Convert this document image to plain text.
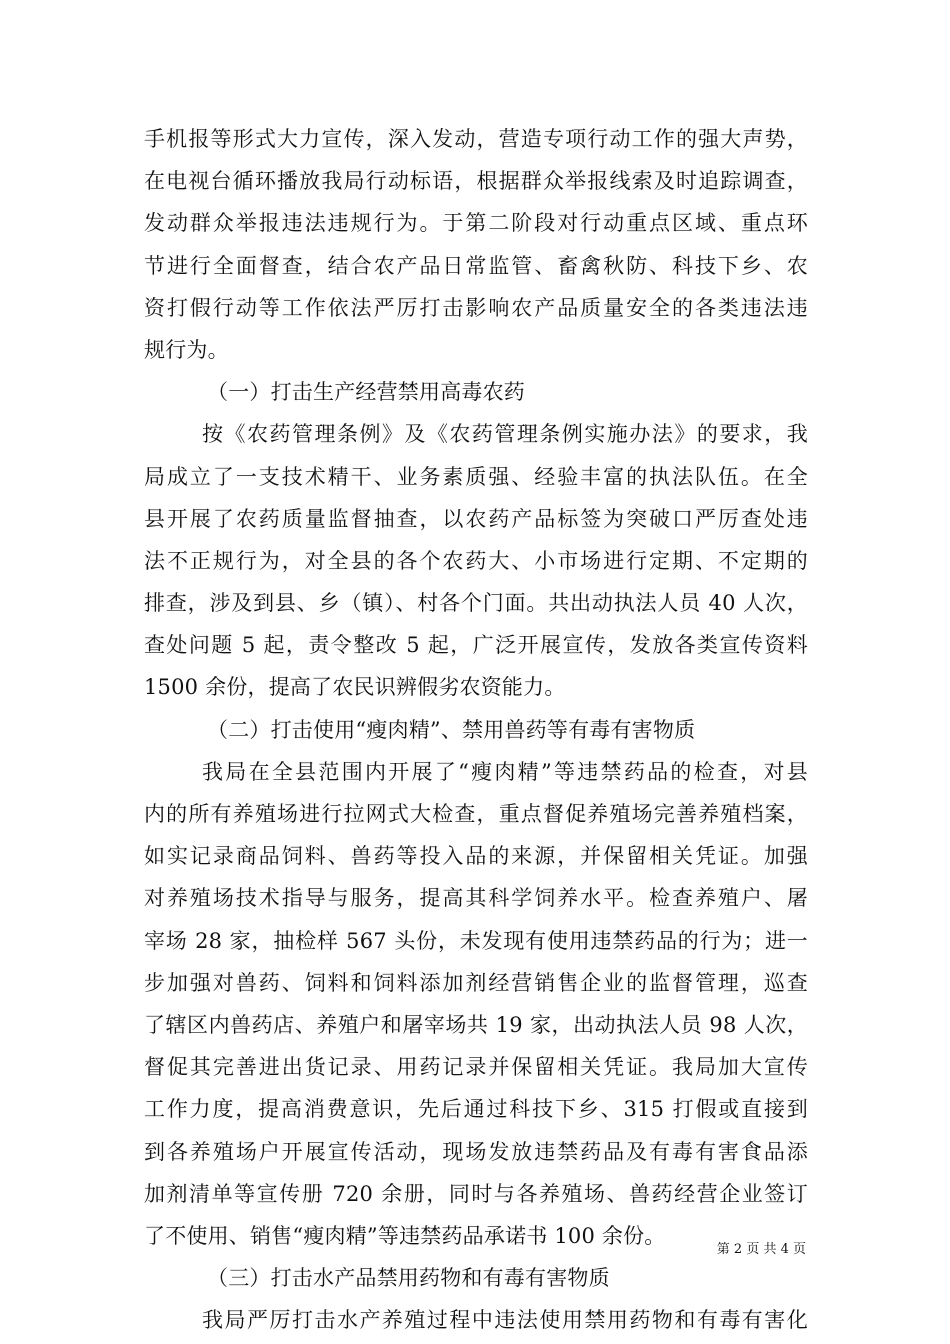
手机报等形式大力宣传，深入发动，营造专项行动工作的强大声势，
在电视台循环播放我局行动标语，根据群众举报线索及时追踪调查，
发动群众举报违法违规行为。于第二阶段对行动重点区域、重点环
节进行全面督查，结合农产品日常监管、畜禽秋防、科技下乡、农
资打假行动等工作依法严厉打击影响农产品质量安全的各类违法违
规行为。
（一）打击生产经营禁用高毒农药
按《农药管理条例》及《农药管理条例实施办法》的要求，我
局成立了一支技术精干、业务素质强、经验丰富的执法队伍。在全
县开展了农药质量监督抽查，以农药产品标签为突破口严厉查处违
法不正规行为，对全县的各个农药大、小市场进行定期、不定期的
排查，涉及到县、乡（镇）、村各个门面。共出动执法人员 40 人次，
查处问题 5 起，责令整改 5 起，广泛开展宣传，发放各类宣传资料
1500 余份，提高了农民识辨假劣农资能力。
（二）打击使用“瘦肉精”、禁用兽药等有毒有害物质
我局在全县范围内开展了“瘦肉精”等违禁药品的检查，对县
内的所有养殖场进行拉网式大检查，重点督促养殖场完善养殖档案，
如实记录商品饲料、兽药等投入品的来源，并保留相关凭证。加强
对养殖场技术指导与服务，提高其科学饲养水平。检查养殖户、屠
宰场 28 家，抽检样 567 头份，未发现有使用违禁药品的行为；进一
步加强对兽药、饲料和饲料添加剂经营销售企业的监督管理，巡查
了辖区内兽药店、养殖户和屠宰场共 19 家，出动执法人员 98 人次，
督促其完善进出货记录、用药记录并保留相关凭证。我局加大宣传
工作力度，提高消费意识，先后通过科技下乡、315 打假或直接到
到各养殖场户开展宣传活动，现场发放违禁药品及有毒有害食品添
加剂清单等宣传册 720 余册，同时与各养殖场、兽药经营企业签订
了不使用、销售“瘦肉精”等违禁药品承诺书 100 余份。
（三）打击水产品禁用药物和有毒有害物质
我局严厉打击水产养殖过程中违法使用禁用药物和有毒有害化
第 2 页 共 4 页
